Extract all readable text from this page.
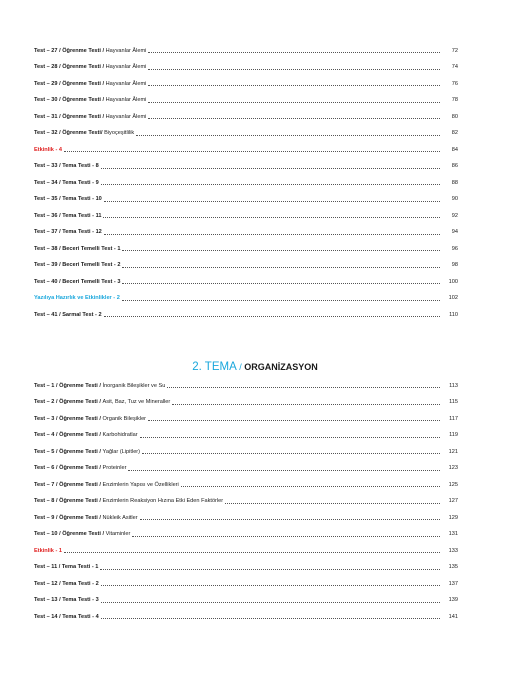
Test – 27 / Öğrenme Testi / Hayvanlar Âlemi	72
Test – 28 / Öğrenme Testi / Hayvanlar Âlemi	74
Test – 29 / Öğrenme Testi / Hayvanlar Âlemi	76
Test – 30 / Öğrenme Testi / Hayvanlar Âlemi	78
Test – 31 / Öğrenme Testi / Hayvanlar Âlemi	80
Test – 32 / Öğrenme Testi/ Biyoçeşitlilik	82
Etkinlik - 4	84
Test – 33 / Tema Testi - 8	86
Test – 34 / Tema Testi - 9	88
Test – 35 / Tema Testi - 10	90
Test – 36 / Tema Testi - 11	92
Test – 37 / Tema Testi - 12	94
Test – 38 / Beceri Temelli Test - 1	96
Test – 39 / Beceri Temelli Test - 2	98
Test – 40 / Beceri Temelli Test - 3	100
Yazılıya Hazırlık ve Etkinlikler - 2	102
Test – 41 / Sarmal Test - 2	110
2. TEMA / ORGANİZASYON
Test – 1 / Öğrenme Testi / İnorganik Bileşikler ve Su	113
Test – 2 / Öğrenme Testi / Asit, Baz, Tuz ve Mineraller	115
Test – 3 / Öğrenme Testi / Organik Bileşikler	117
Test – 4 / Öğrenme Testi / Karbohidratlar	119
Test – 5 / Öğrenme Testi / Yağlar (Lipitler)	121
Test – 6 / Öğrenme Testi / Proteinler	123
Test – 7 / Öğrenme Testi / Enzimlerin Yapısı ve Özellikleri	125
Test – 8 / Öğrenme Testi / Enzimlerin Reaksiyon Hızına Etki Eden Faktörler	127
Test – 9 / Öğrenme Testi / Nükleik Asitler	129
Test – 10 / Öğrenme Testi / Vitaminler	131
Etkinlik - 1	133
Test – 11 / Tema Testi - 1	135
Test – 12 / Tema Testi - 2	137
Test – 13 / Tema Testi - 3	139
Test – 14 / Tema Testi - 4	141
